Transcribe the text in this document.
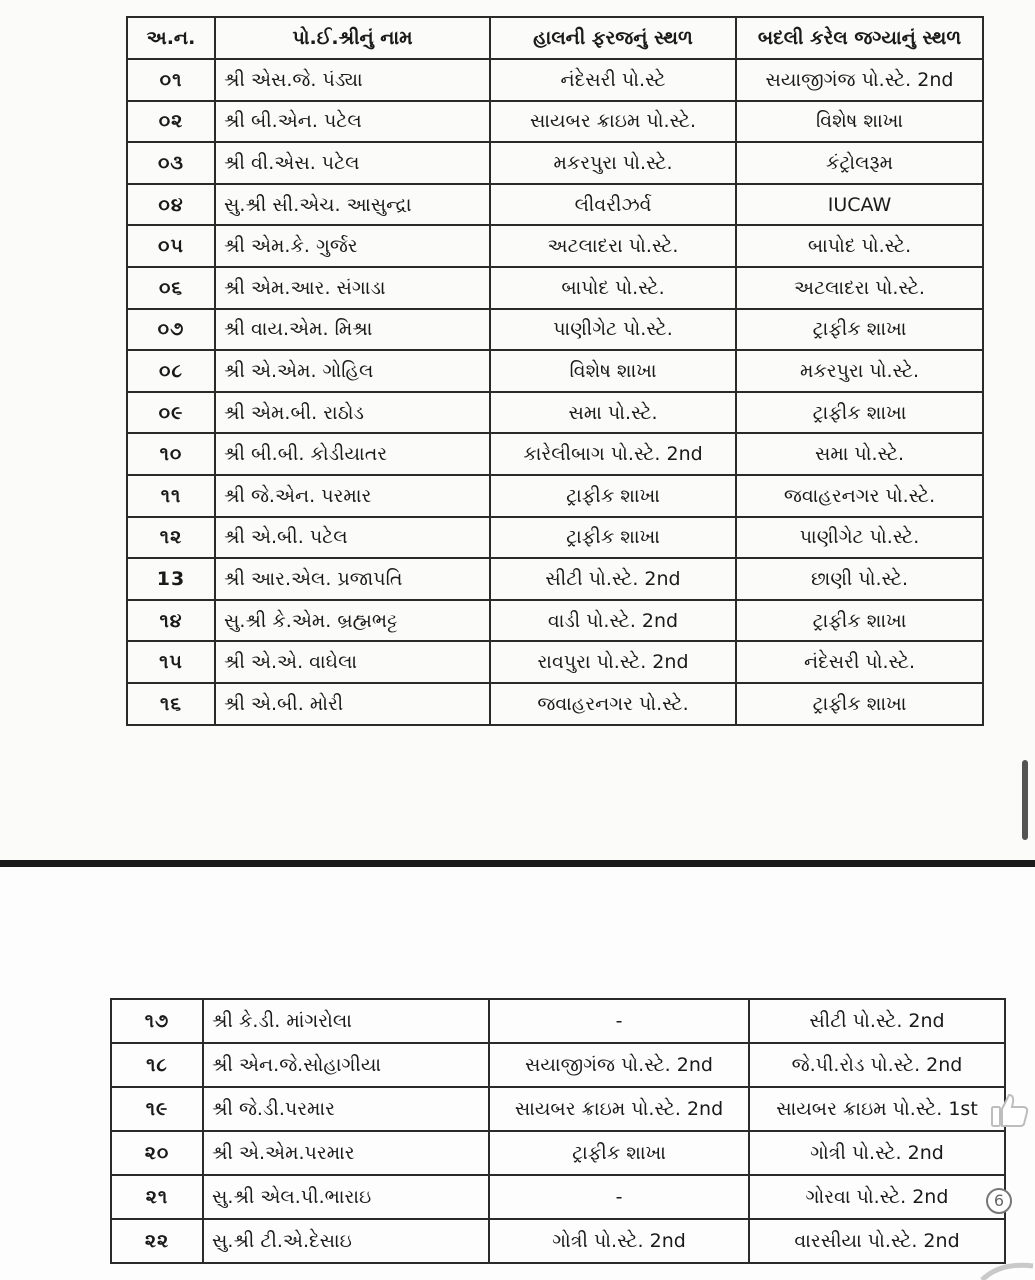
અ.ન.	પો.ઈ.શ્રીનું નામ	હાલની ફરજનું સ્થળ	બદલી કરેલ જગ્યાનું સ્થળ
૦૧	શ્રી એસ.જે. પંડ્યા	નંદેસરી પો.સ્ટે	સયાજીગંજ પો.સ્ટે. 2nd
૦૨	શ્રી બી.એન. પટેલ	સાયબર ક્રાઇમ પો.સ્ટે.	વિશેષ શાખા
૦૩	શ્રી વી.એસ. પટેલ	મકરપુરા પો.સ્ટે.	કંટ્રોલરૂમ
૦૪	સુ.શ્રી સી.એચ. આસુન્દ્રા	લીવરીઝર્વ	IUCAW
૦૫	શ્રી એમ.કે. ગુર્જર	અટલાદરા પો.સ્ટે.	બાપોદ પો.સ્ટે.
૦૬	શ્રી એમ.આર. સંગાડા	બાપોદ પો.સ્ટે.	અટલાદરા પો.સ્ટે.
૦૭	શ્રી વાય.એમ. મિશ્રા	પાણીગેટ પો.સ્ટે.	ટ્રાફીક શાખા
૦૮	શ્રી એ.એમ. ગોહિલ	વિશેષ શાખા	મકરપુરા પો.સ્ટે.
૦૯	શ્રી એમ.બી. રાઠોડ	સમા પો.સ્ટે.	ટ્રાફીક શાખા
૧૦	શ્રી બી.બી. કોડીયાતર	કારેલીબાગ પો.સ્ટે. 2nd	સમા પો.સ્ટે.
૧૧	શ્રી જે.એન. પરમાર	ટ્રાફીક શાખા	જવાહરનગર પો.સ્ટે.
૧૨	શ્રી એ.બી. પટેલ	ટ્રાફીક શાખા	પાણીગેટ પો.સ્ટે.
13	શ્રી આર.એલ. પ્રજાપતિ	સીટી પો.સ્ટે. 2nd	છાણી પો.સ્ટે.
૧૪	સુ.શ્રી કે.એમ. બ્રહ્મભટ્ટ	વાડી પો.સ્ટે. 2nd	ટ્રાફીક શાખા
૧૫	શ્રી એ.એ. વાઘેલા	રાવપુરા પો.સ્ટે. 2nd	નંદેસરી પો.સ્ટે.
૧૬	શ્રી એ.બી. મોરી	જવાહરનગર પો.સ્ટે.	ટ્રાફીક શાખા
૧૭	શ્રી કે.ડી. માંગરોલા	-	સીટી પો.સ્ટે. 2nd
૧૮	શ્રી એન.જે.સોહાગીયા	સયાજીગંજ પો.સ્ટે. 2nd	જે.પી.રોડ પો.સ્ટે. 2nd
૧૯	શ્રી જે.ડી.પરમાર	સાયબર ક્રાઇમ પો.સ્ટે. 2nd	સાયબર ક્રાઇમ પો.સ્ટે. 1st
૨૦	શ્રી એ.એમ.પરમાર	ટ્રાફીક શાખા	ગોત્રી પો.સ્ટે. 2nd
૨૧	સુ.શ્રી એલ.પી.ભારાઇ	-	ગોરવા પો.સ્ટે. 2nd
૨૨	સુ.શ્રી ટી.એ.દેસાઇ	ગોત્રી પો.સ્ટે. 2nd	વારસીયા પો.સ્ટે. 2nd
6
